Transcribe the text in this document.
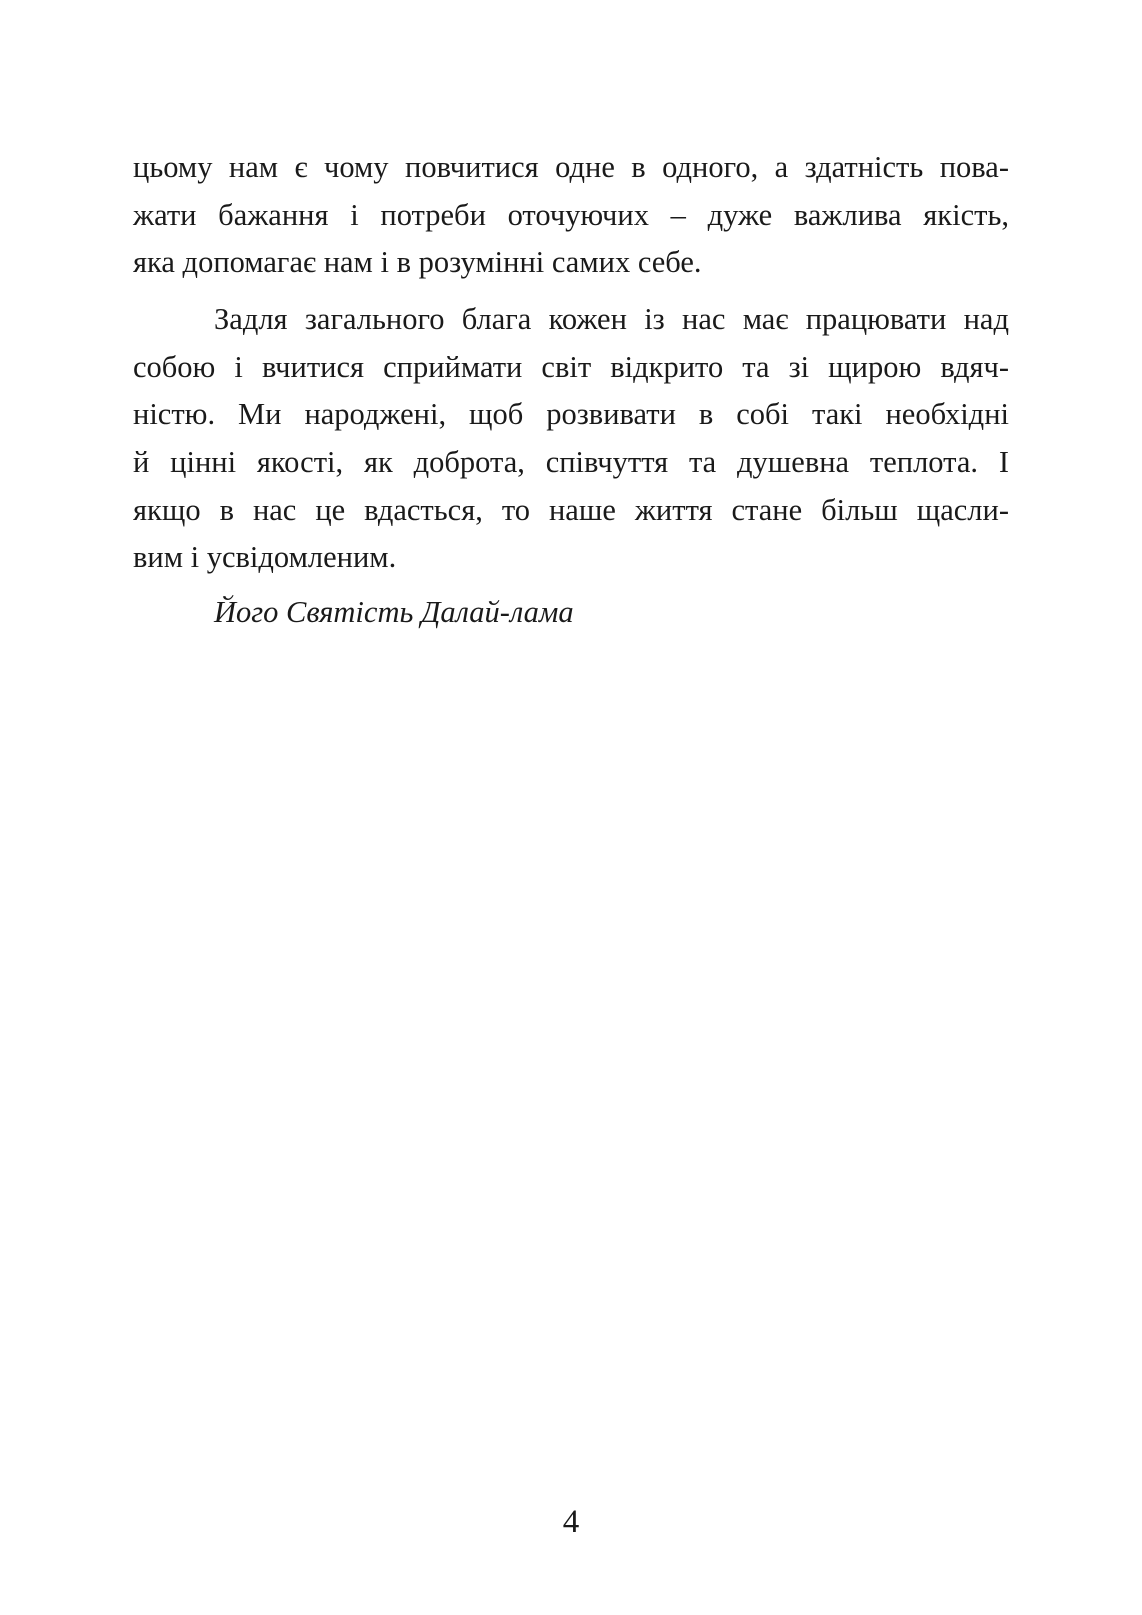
цьому нам є чому повчитися одне в одного, а здатність пова-
жати бажання і потреби оточуючих – дуже важлива якість,
яка допомагає нам і в розумінні самих себе.
Задля загального блага кожен із нас має працювати над
собою і вчитися сприймати світ відкрито та зі щирою вдяч-
ністю. Ми народжені, щоб розвивати в собі такі необхідні
й цінні якості, як доброта, співчуття та душевна теплота. І
якщо в нас це вдасться, то наше життя стане більш щасли-
вим і усвідомленим.
Його Святість Далай-лама
4
